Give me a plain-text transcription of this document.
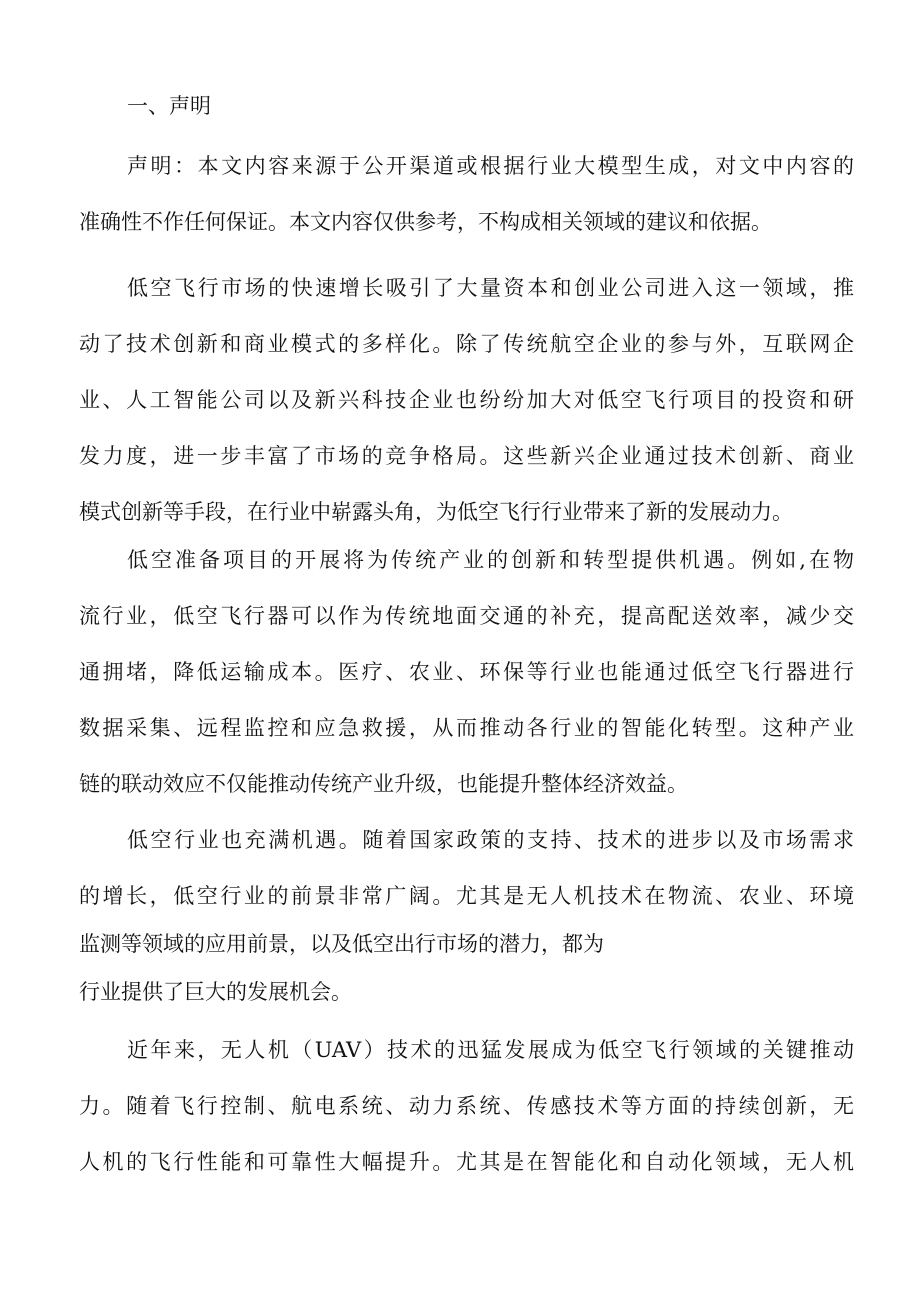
一、声明
声明：本文内容来源于公开渠道或根据行业大模型生成，对文中内容的
准确性不作任何保证。本文内容仅供参考，不构成相关领域的建议和依据。
低空飞行市场的快速增长吸引了大量资本和创业公司进入这一领域，推
动了技术创新和商业模式的多样化。除了传统航空企业的参与外，互联网企
业、人工智能公司以及新兴科技企业也纷纷加大对低空飞行项目的投资和研
发力度，进一步丰富了市场的竞争格局。这些新兴企业通过技术创新、商业
模式创新等手段，在行业中崭露头角，为低空飞行行业带来了新的发展动力。
低空准备项目的开展将为传统产业的创新和转型提供机遇。例如,在物
流行业，低空飞行器可以作为传统地面交通的补充，提高配送效率，减少交
通拥堵，降低运输成本。医疗、农业、环保等行业也能通过低空飞行器进行
数据采集、远程监控和应急救援，从而推动各行业的智能化转型。这种产业
链的联动效应不仅能推动传统产业升级，也能提升整体经济效益。
低空行业也充满机遇。随着国家政策的支持、技术的进步以及市场需求
的增长，低空行业的前景非常广阔。尤其是无人机技术在物流、农业、环境
监测等领域的应用前景，以及低空出行市场的潜力，都为
行业提供了巨大的发展机会。
近年来，无人机（UAV）技术的迅猛发展成为低空飞行领域的关键推动
力。随着飞行控制、航电系统、动力系统、传感技术等方面的持续创新，无
人机的飞行性能和可靠性大幅提升。尤其是在智能化和自动化领域，无人机
